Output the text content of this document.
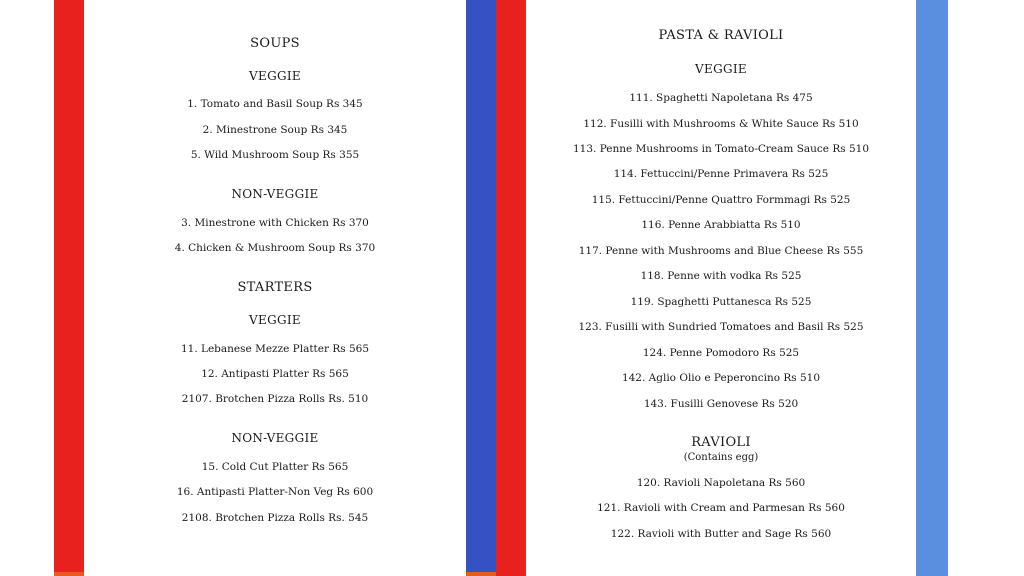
SOUPS
VEGGIE
1. Tomato and Basil Soup Rs 345
2. Minestrone Soup Rs 345
5. Wild Mushroom Soup Rs 355
NON-VEGGIE
3. Minestrone with Chicken Rs 370
4. Chicken & Mushroom Soup Rs 370
STARTERS
VEGGIE
11. Lebanese Mezze Platter Rs 565
12. Antipasti Platter Rs 565
2107. Brotchen Pizza Rolls Rs. 510
NON-VEGGIE
15. Cold Cut Platter Rs 565
16. Antipasti Platter-Non Veg Rs 600
2108. Brotchen Pizza Rolls Rs. 545
PASTA & RAVIOLI
VEGGIE
111. Spaghetti Napoletana Rs 475
112. Fusilli with Mushrooms & White Sauce Rs 510
113. Penne Mushrooms in Tomato-Cream Sauce Rs 510
114. Fettuccini/Penne Primavera Rs 525
115. Fettuccini/Penne Quattro Formmagi Rs 525
116. Penne Arabbiatta Rs 510
117. Penne with Mushrooms and Blue Cheese Rs 555
118. Penne with vodka Rs 525
119. Spaghetti Puttanesca Rs 525
123. Fusilli with Sundried Tomatoes and Basil Rs 525
124. Penne Pomodoro Rs 525
142. Aglio Olio e Peperoncino Rs 510
143. Fusilli Genovese Rs 520
RAVIOLI
(Contains egg)
120. Ravioli Napoletana Rs 560
121. Ravioli with Cream and Parmesan Rs 560
122. Ravioli with Butter and Sage Rs 560
